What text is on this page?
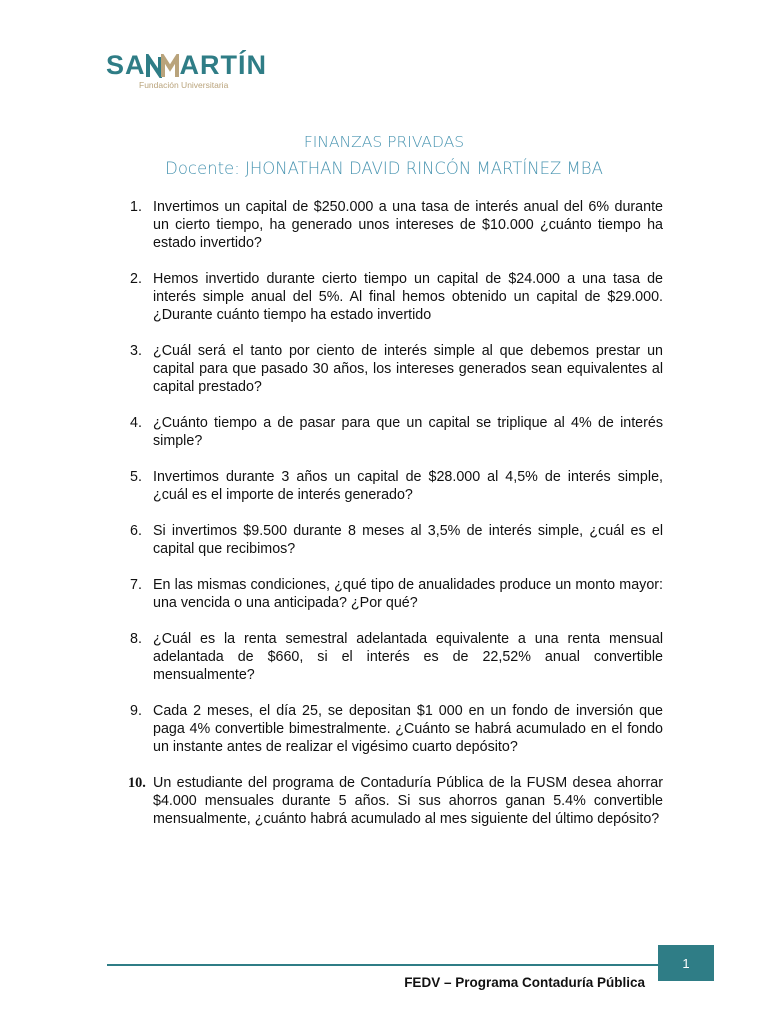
SA ARTÍN
Fundación Universitaria
FINANZAS PRIVADAS
Docente: JHONATHAN DAVID RINCÓN MARTÍNEZ MBA
1. Invertimos un capital de $250.000 a una tasa de interés anual del 6% durante un cierto tiempo, ha generado unos intereses de $10.000 ¿cuánto tiempo ha estado invertido?
2. Hemos invertido durante cierto tiempo un capital de $24.000 a una tasa de interés simple anual del 5%. Al final hemos obtenido un capital de $29.000. ¿Durante cuánto tiempo ha estado invertido
3. ¿Cuál será el tanto por ciento de interés simple al que debemos prestar un capital para que pasado 30 años, los intereses generados sean equivalentes al capital prestado?
4. ¿Cuánto tiempo a de pasar para que un capital se triplique al 4% de interés simple?
5. Invertimos durante 3 años un capital de $28.000 al 4,5% de interés simple, ¿cuál es el importe de interés generado?
6. Si invertimos $9.500 durante 8 meses al 3,5% de interés simple, ¿cuál es el capital que recibimos?
7. En las mismas condiciones, ¿qué tipo de anualidades produce un monto mayor: una vencida o una anticipada? ¿Por qué?
8. ¿Cuál es la renta semestral adelantada equivalente a una renta mensual adelantada de $660, si el interés es de 22,52% anual convertible mensualmente?
9. Cada 2 meses, el día 25, se depositan $1 000 en un fondo de inversión que paga 4% convertible bimestralmente. ¿Cuánto se habrá acumulado en el fondo un instante antes de realizar el vigésimo cuarto depósito?
10. Un estudiante del programa de Contaduría Pública de la FUSM desea ahorrar $4.000 mensuales durante 5 años. Si sus ahorros ganan 5.4% convertible mensualmente, ¿cuánto habrá acumulado al mes siguiente del último depósito?
1
FEDV – Programa Contaduría Pública
